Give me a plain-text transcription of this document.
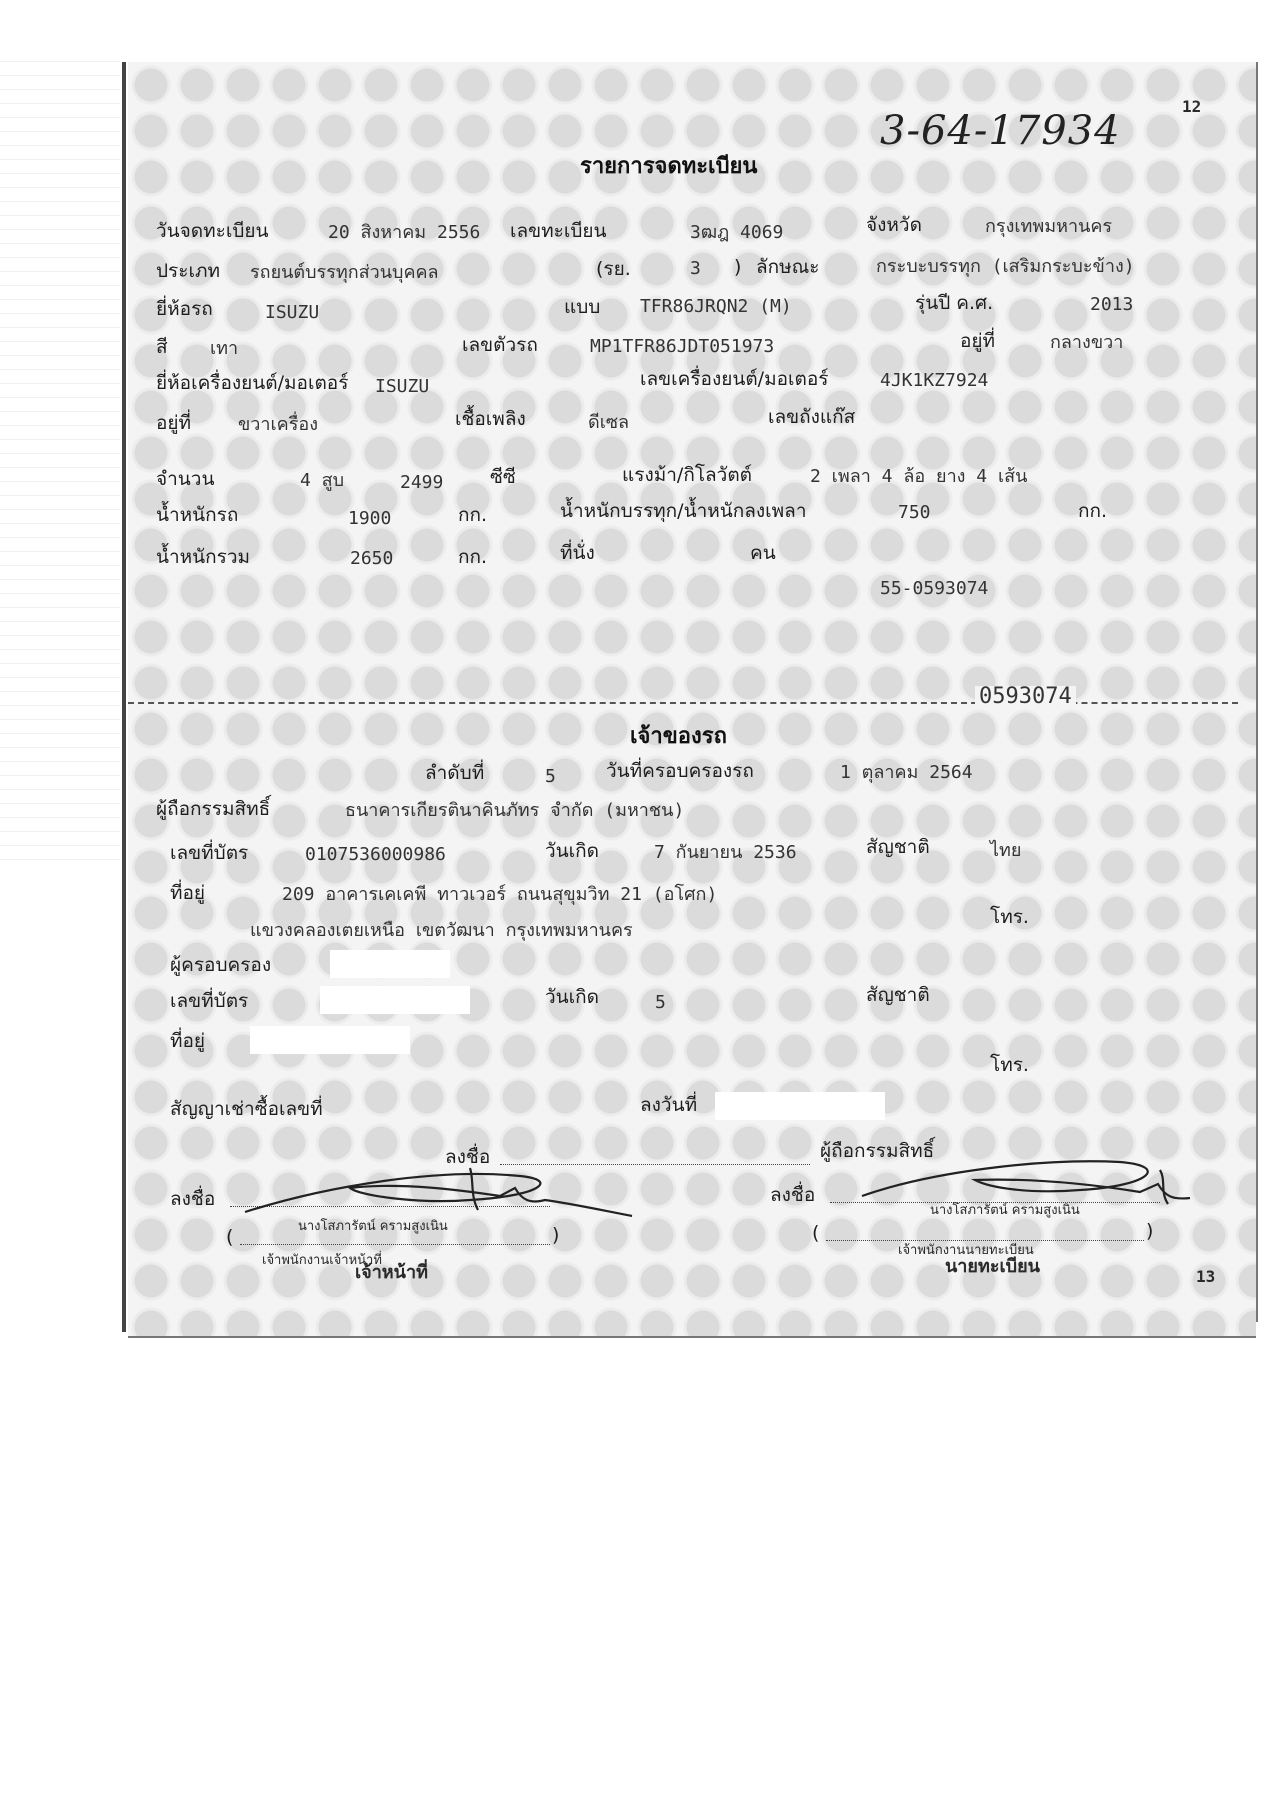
12
3-64-17934
รายการจดทะเบียน
วันจดทะเบียน	20 สิงหาคม 2556 เลขทะเบียน	3ฒฎ 4069	จังหวัด	กรุงเทพมหานคร
ประเภท รถยนต์บรรทุกส่วนบุคคล	(รย.	3 ) ลักษณะ	กระบะบรรทุก (เสริมกระบะข้าง)
ยี่ห้อรถ	ISUZU	แบบ TFR86JRQN2 (M)	รุ่นปี ค.ศ.	2013
สี เทา	เลขตัวรถ	MP1TFR86JDT051973	อยู่ที่	กลางขวา
ยี่ห้อเครื่องยนต์/มอเตอร์ ISUZU	เลขเครื่องยนต์/มอเตอร์	4JK1KZ7924
อยู่ที่	ขวาเครื่อง	เชื้อเพลิง	ดีเซล	เลขถังแก๊ส
จำนวน	4 สูบ	2499 ซีซี	แรงม้า/กิโลวัตต์	2 เพลา 4 ล้อ ยาง 4 เส้น
น้ำหนักรถ	1900	กก.	น้ำหนักบรรทุก/น้ำหนักลงเพลา	750	กก.
น้ำหนักรวม	2650	กก.	ที่นั่ง	คน
55-0593074
0593074
เจ้าของรถ
ลำดับที่	5	วันที่ครอบครองรถ	1 ตุลาคม 2564
ผู้ถือกรรมสิทธิ์	ธนาคารเกียรตินาคินภัทร จำกัด (มหาชน)
เลขที่บัตร	0107536000986	วันเกิด	7 กันยายน 2536	สัญชาติ	ไทย
ที่อยู่	209 อาคารเคเคพี ทาวเวอร์ ถนนสุขุมวิท 21 (อโศก)
แขวงคลองเตยเหนือ เขตวัฒนา กรุงเทพมหานคร
โทร.
ผู้ครอบครอง
เลขที่บัตร	วันเกิด	5	สัญชาติ
ที่อยู่
โทร.
สัญญาเช่าซื้อเลขที่	ลงวันที่
ลงชื่อ	ผู้ถือกรรมสิทธิ์
ลงชื่อ	ลงชื่อ
นางโสภารัตน์ ครามสูงเนิน
นางโสภารัตน์ ครามสูงเนิน
(	)	(	)
เจ้าพนักงานเจ้าหน้าที่
เจ้าพนักงานนายทะเบียน
เจ้าหน้าที่	นายทะเบียน	13
